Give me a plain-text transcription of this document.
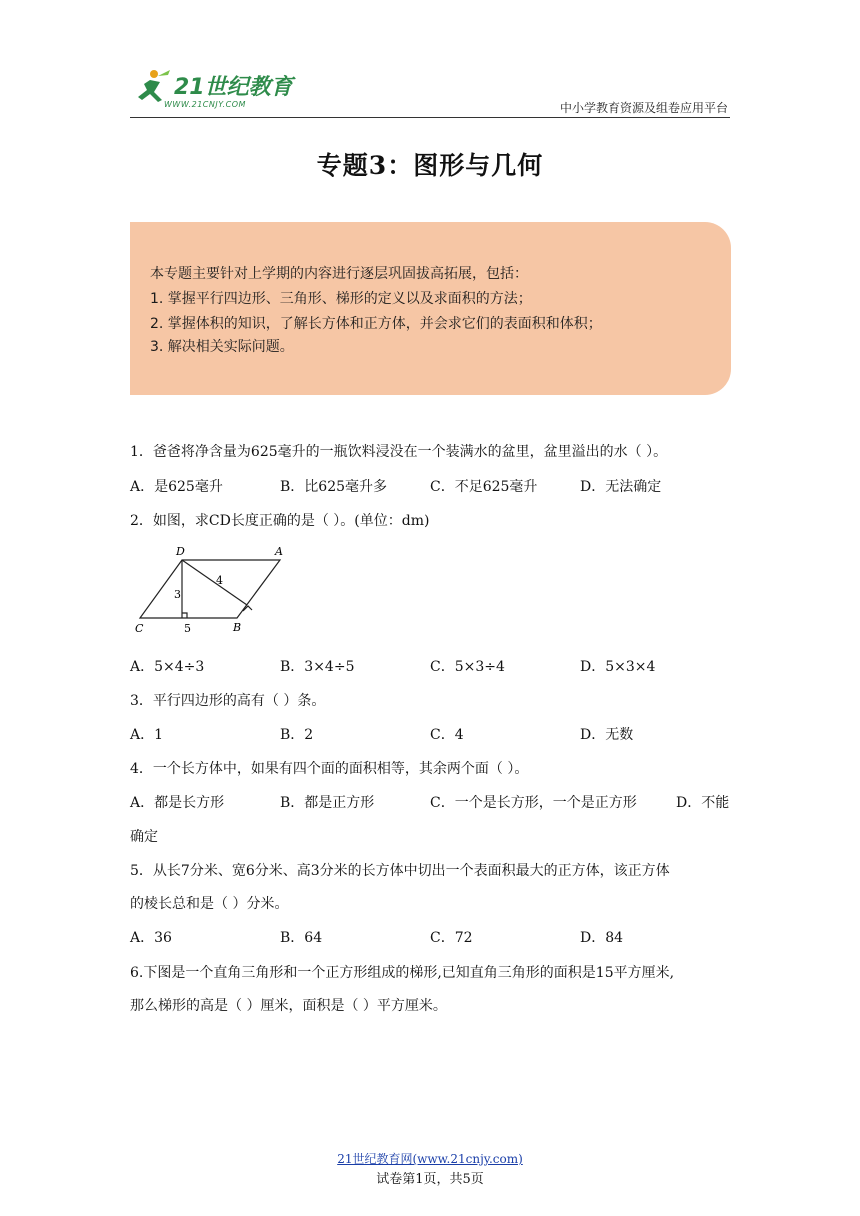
21世纪教育
WWW.21CNJY.COM	中小学教育资源及组卷应用平台
专题3：图形与几何
本专题主要针对上学期的内容进行逐层巩固拔高拓展，包括：
1. 掌握平行四边形、三角形、梯形的定义以及求面积的方法；
2. 掌握体积的知识，了解长方体和正方体，并会求它们的表面积和体积；
3. 解决相关实际问题。
1．爸爸将净含量为625毫升的一瓶饮料浸没在一个装满水的盆里，盆里溢出的水（ ）。
A．是625毫升	B．比625毫升多	C．不足625毫升	D．无法确定
2．如图，求CD长度正确的是（ ）。(单位：dm)
D	A
C	B
3
4
5
A．5×4÷3	B．3×4÷5	C．5×3÷4	D．5×3×4
3．平行四边形的高有（ ）条。
A．1	B．2	C．4	D．无数
4．一个长方体中，如果有四个面的面积相等，其余两个面（ ）。
A．都是长方形	B．都是正方形	C．一个是长方形，一个是正方形	D．不能
确定
5．从长7分米、宽6分米、高3分米的长方体中切出一个表面积最大的正方体，该正方体
的棱长总和是（ ）分米。
A．36	B．64	C．72	D．84
6.下图是一个直角三角形和一个正方形组成的梯形,已知直角三角形的面积是15平方厘米,
那么梯形的高是（ ）厘米，面积是（ ）平方厘米。
21世纪教育网(www.21cnjy.com)
试卷第1页，共5页
